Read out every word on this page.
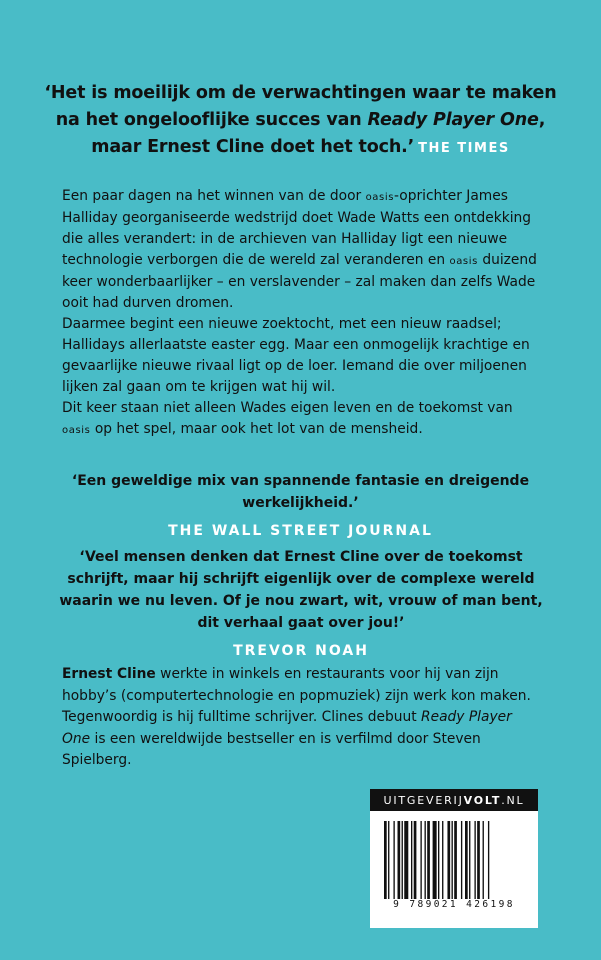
‘Het is moeilijk om de verwachtingen waar te maken
na het ongelooflijke succes van Ready Player One,
maar Ernest Cline doet het toch.’ THE TIMES

Een paar dagen na het winnen van de door oasis-oprichter James Halliday georganiseerde wedstrijd doet Wade Watts een ontdekking die alles verandert: in de archieven van Halliday ligt een nieuwe technologie verborgen die de wereld zal veranderen en oasis duizend keer wonderbaarlijker – en verslavender – zal maken dan zelfs Wade ooit had durven dromen.

Daarmee begint een nieuwe zoektocht, met een nieuw raadsel; Hallidays allerlaatste easter egg. Maar een onmogelijk krachtige en gevaarlijke nieuwe rivaal ligt op de loer. Iemand die over miljoenen lijken zal gaan om te krijgen wat hij wil.

Dit keer staan niet alleen Wades eigen leven en de toekomst van oasis op het spel, maar ook het lot van de mensheid.

‘Een geweldige mix van spannende fantasie en dreigende werkelijkheid.’
THE WALL STREET JOURNAL
‘Veel mensen denken dat Ernest Cline over de toekomst schrijft, maar hij schrijft eigenlijk over de complexe wereld waarin we nu leven. Of je nou zwart, wit, vrouw of man bent, dit verhaal gaat over jou!’
TREVOR NOAH
Ernest Cline werkte in winkels en restaurants voor hij van zijn hobby’s (computertechnologie en popmuziek) zijn werk kon maken. Tegenwoordig is hij fulltime schrijver. Clines debuut Ready Player One is een wereldwijde bestseller en is verfilmd door Steven Spielberg.
UITGEVERIJ VOLT .NL
9 789021 426198
